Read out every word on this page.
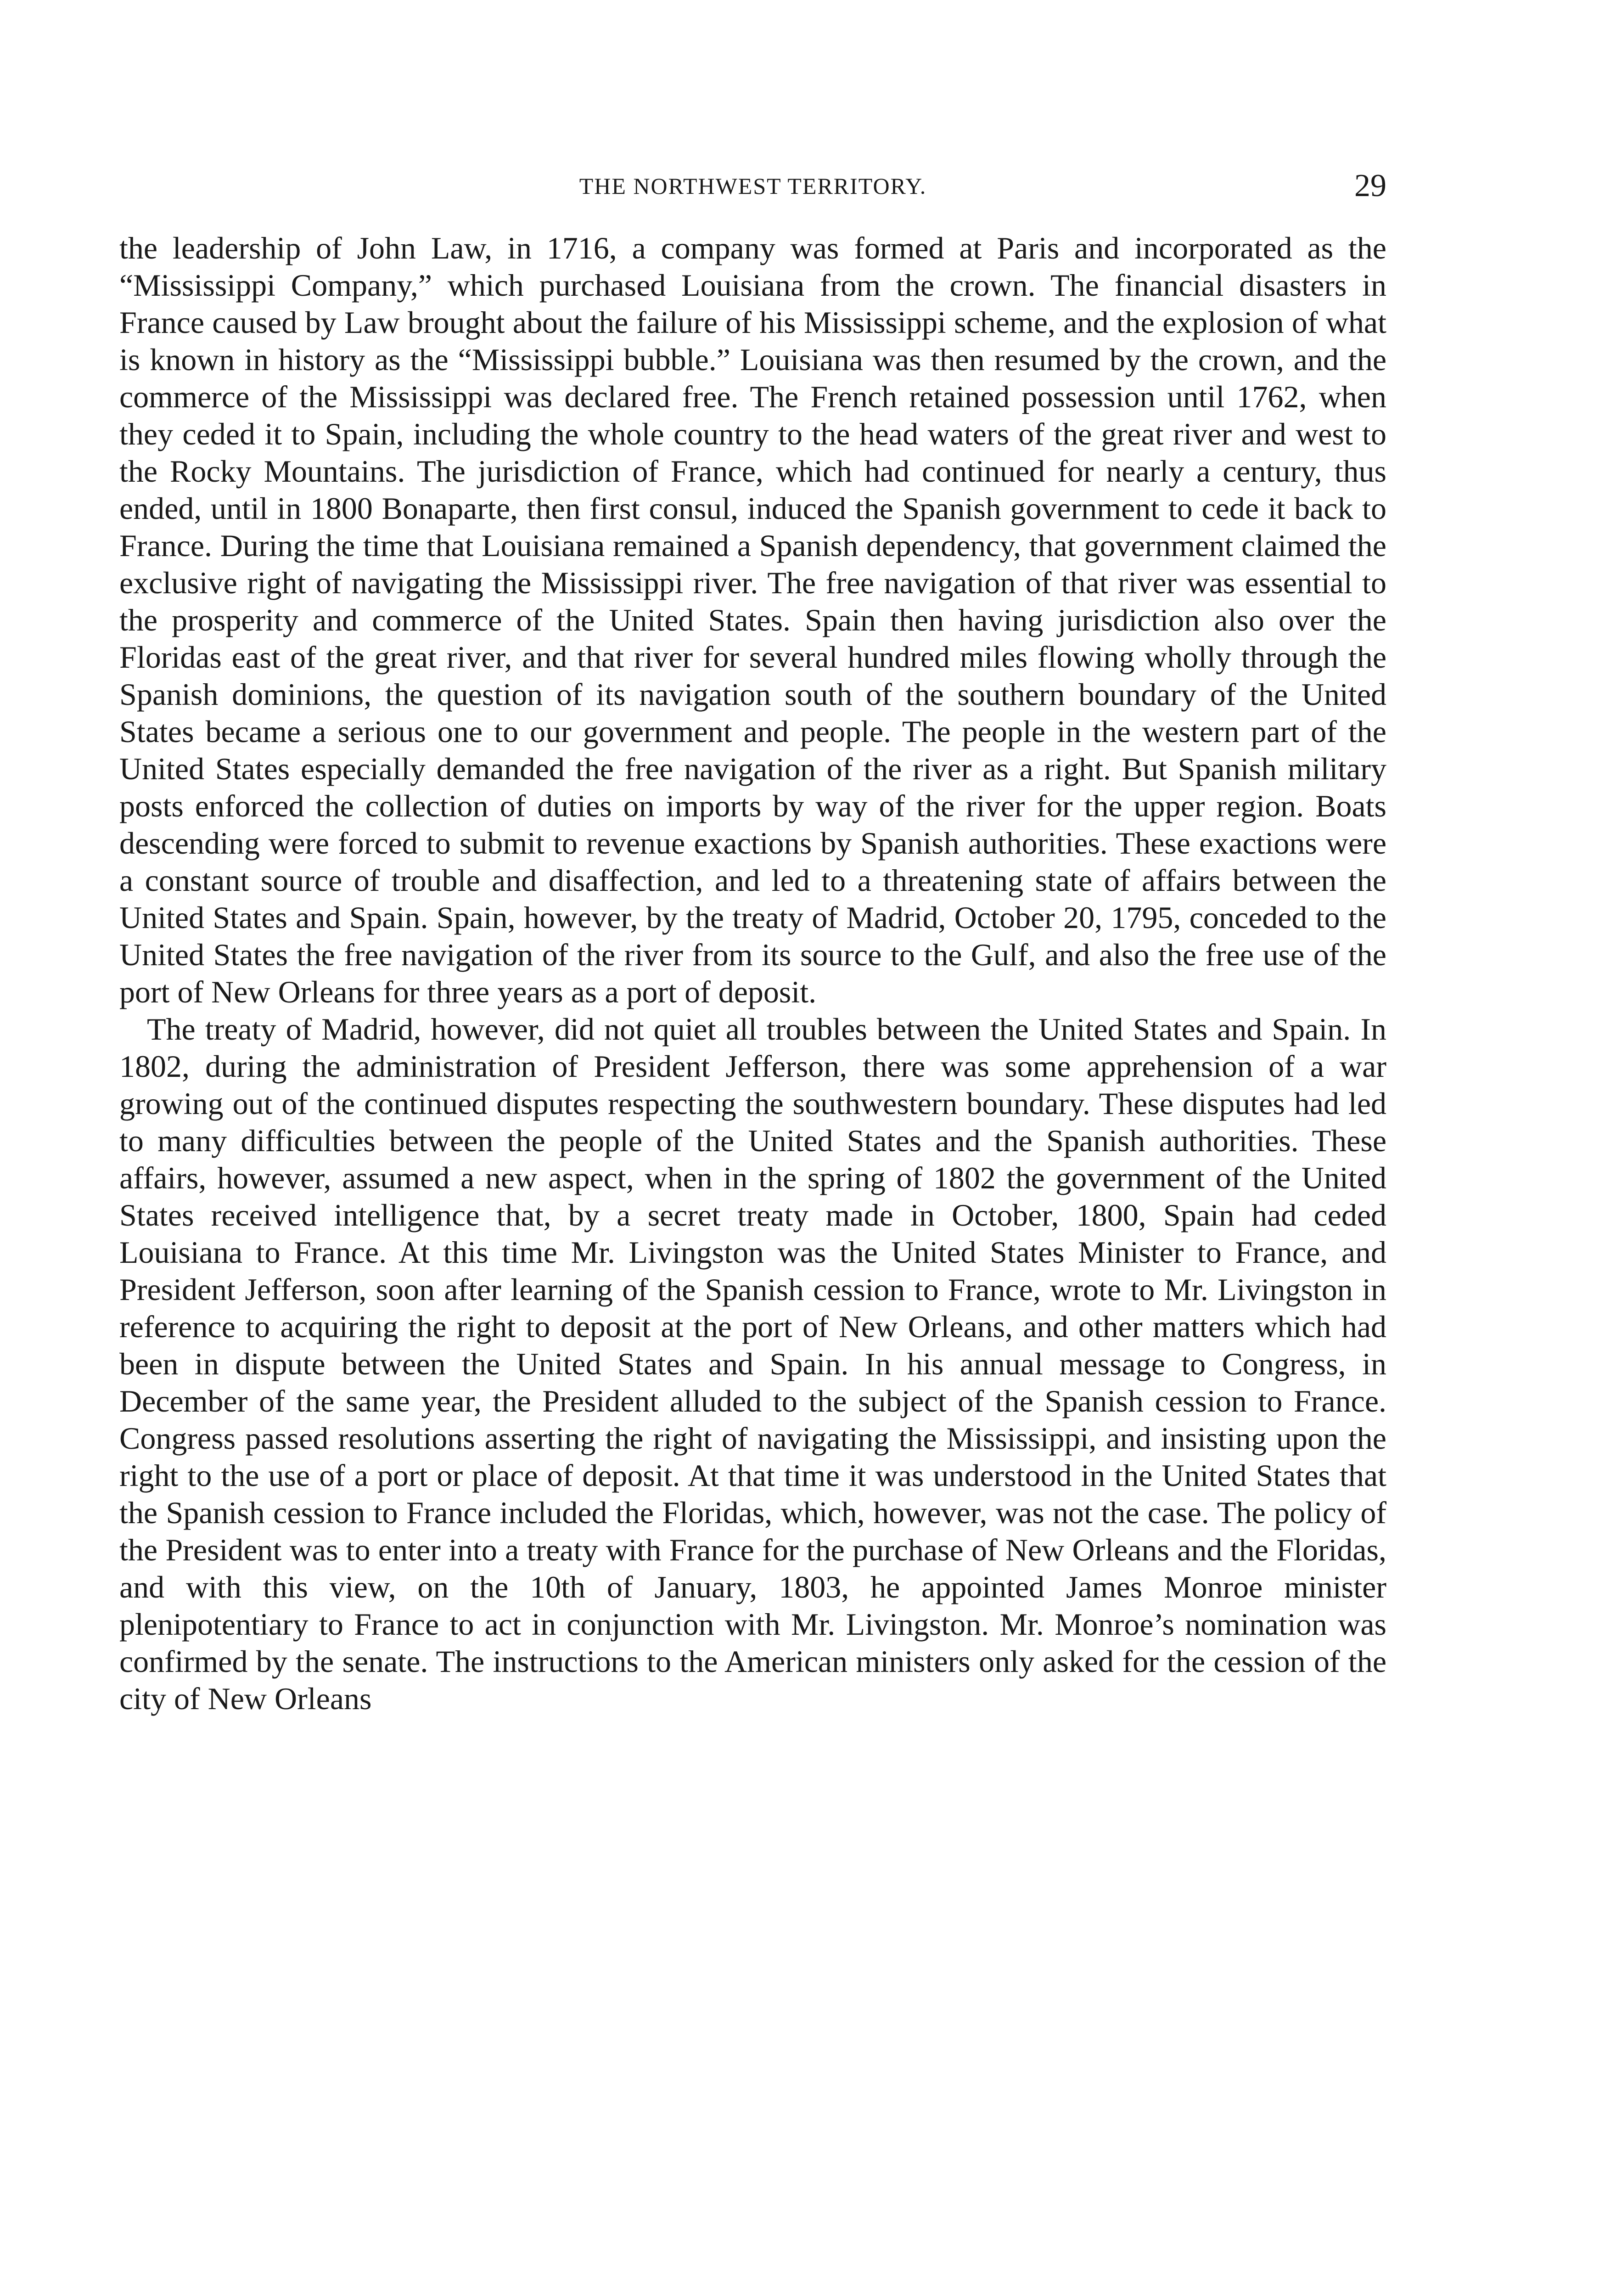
THE NORTHWEST TERRITORY.	29

the leadership of John Law, in 1716, a company was formed at Paris and incorporated as the “Mississippi Company,” which purchased Louisiana from the crown. The financial disasters in France caused by Law brought about the failure of his Mississippi scheme, and the explosion of what is known in history as the “Mississippi bubble.” Louisiana was then resumed by the crown, and the commerce of the Mississippi was declared free. The French retained possession until 1762, when they ceded it to Spain, including the whole country to the head waters of the great river and west to the Rocky Mountains. The jurisdiction of France, which had continued for nearly a century, thus ended, until in 1800 Bonaparte, then first consul, induced the Spanish government to cede it back to France. During the time that Louisiana remained a Spanish dependency, that government claimed the exclusive right of navigating the Mississippi river. The free navigation of that river was essential to the prosperity and commerce of the United States. Spain then having jurisdiction also over the Floridas east of the great river, and that river for several hundred miles flowing wholly through the Spanish dominions, the question of its navigation south of the southern boundary of the United States became a serious one to our government and people. The people in the western part of the United States especially demanded the free navigation of the river as a right. But Spanish military posts enforced the collection of duties on imports by way of the river for the upper region. Boats descending were forced to submit to revenue exactions by Spanish authorities. These exactions were a constant source of trouble and disaffection, and led to a threatening state of affairs between the United States and Spain. Spain, however, by the treaty of Madrid, October 20, 1795, conceded to the United States the free navigation of the river from its source to the Gulf, and also the free use of the port of New Orleans for three years as a port of deposit.

The treaty of Madrid, however, did not quiet all troubles between the United States and Spain. In 1802, during the administration of President Jefferson, there was some apprehension of a war growing out of the continued disputes respecting the southwestern boundary. These disputes had led to many difficulties between the people of the United States and the Spanish authorities. These affairs, however, assumed a new aspect, when in the spring of 1802 the government of the United States received intelligence that, by a secret treaty made in October, 1800, Spain had ceded Louisiana to France. At this time Mr. Livingston was the United States Minister to France, and President Jefferson, soon after learning of the Spanish cession to France, wrote to Mr. Livingston in reference to acquiring the right to deposit at the port of New Orleans, and other matters which had been in dispute between the United States and Spain. In his annual message to Congress, in December of the same year, the President alluded to the subject of the Spanish cession to France. Congress passed resolutions asserting the right of navigating the Mississippi, and insisting upon the right to the use of a port or place of deposit. At that time it was understood in the United States that the Spanish cession to France included the Floridas, which, however, was not the case. The policy of the President was to enter into a treaty with France for the purchase of New Orleans and the Floridas, and with this view, on the 10th of January, 1803, he appointed James Monroe minister plenipotentiary to France to act in conjunction with Mr. Livingston. Mr. Monroe’s nomination was confirmed by the senate. The instructions to the American ministers only asked for the cession of the city of New Orleans
